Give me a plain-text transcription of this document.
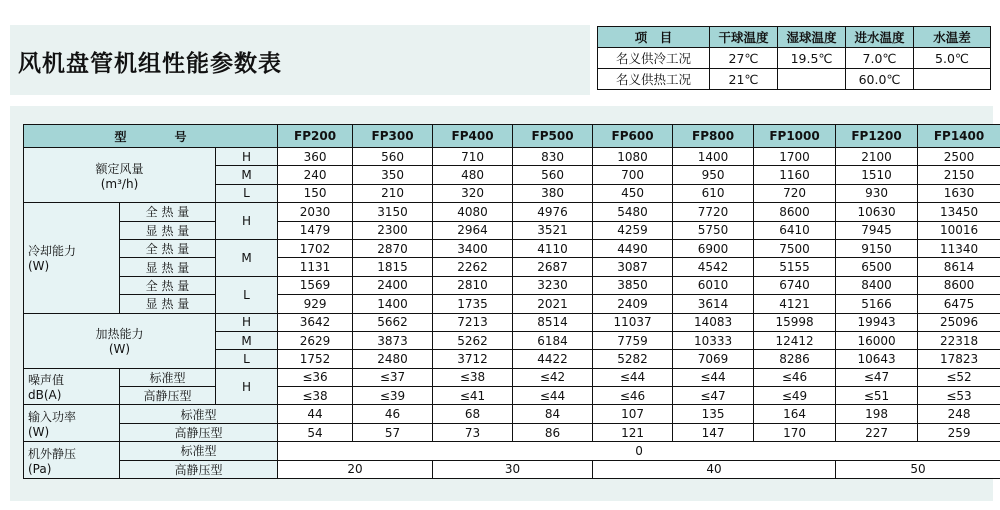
风机盘管机组性能参数表
项　目	干球温度	湿球温度	进水温度	水温差
名义供冷工况	27℃	19.5℃	7.0℃	5.0℃
名义供热工况	21℃		60.0℃	
型　　　　号			FP200	FP300	FP400	FP500	FP600	FP800	FP1000	FP1200	FP1400

额定风量
(m³/h)		H	360	560	710	830	1080	1400	1700	2100	2500
		M	240	350	480	560	700	950	1160	1510	2150
		L	150	210	320	380	450	610	720	930	1630

冷却能力
(W)	全 热 量	H	2030	3150	4080	4976	5480	7720	8600	10630	13450
	显 热 量		1479	2300	2964	3521	4259	5750	6410	7945	10016
	全 热 量	M	1702	2870	3400	4110	4490	6900	7500	9150	11340
	显 热 量		1131	1815	2262	2687	3087	4542	5155	6500	8614
	全 热 量	L	1569	2400	2810	3230	3850	6010	6740	8400	8600
	显 热 量		929	1400	1735	2021	2409	3614	4121	5166	6475

加热能力
(W)		H	3642	5662	7213	8514	11037	14083	15998	19943	25096
		M	2629	3873	5262	6184	7759	10333	12412	16000	22318
		L	1752	2480	3712	4422	5282	7069	8286	10643	17823

噪声值
dB(A)	标准型	H	≤36	≤37	≤38	≤42	≤44	≤44	≤46	≤47	≤52
	高静压型		≤38	≤39	≤41	≤44	≤46	≤47	≤49	≤51	≤53

输入功率
(W)	标准型		44	46	68	84	107	135	164	198	248
	高静压型		54	57	73	86	121	147	170	227	259

机外静压
(Pa)	标准型		0								
	高静压型		20		30		40			50	
